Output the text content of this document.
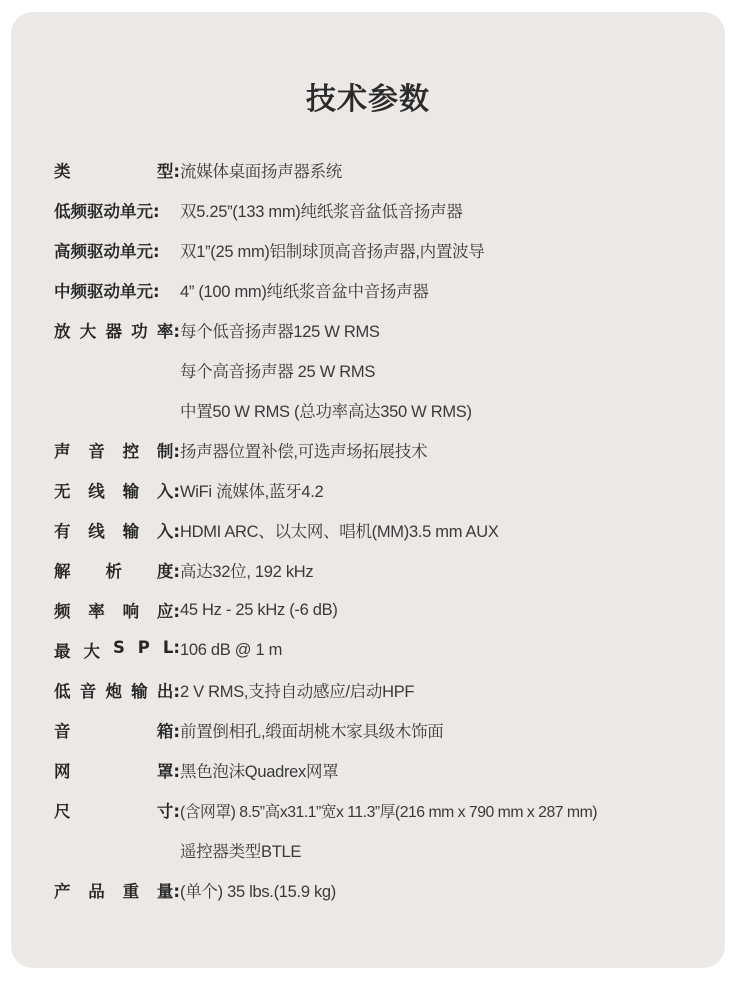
技术参数
类	型: 流媒体桌面扬声器系统
低频驱动单元: 双5.25”(133 mm)纯纸浆音盆低音扬声器
高频驱动单元: 双1”(25 mm)铝制球顶高音扬声器,内置波导
中频驱动单元: 4” (100 mm)纯纸浆音盆中音扬声器
放 大 器 功 率: 每个低音扬声器125 W RMS
每个高音扬声器 25 W RMS
中置50 W RMS (总功率高达350 W RMS)
声 音 控 制: 扬声器位置补偿,可选声场拓展技术
无 线 输 入: WiFi 流媒体,蓝牙4.2
有 线 输 入: HDMI ARC、以太网、唱机(MM)3.5 mm AUX
解 析 度: 高达32位, 192 kHz
频 率 响 应: 45 Hz - 25 kHz (-6 dB)
最 大 S P L: 106 dB @ 1 m
低 音 炮 输 出: 2 V RMS,支持自动感应/启动HPF
音	箱: 前置倒相孔,缎面胡桃木家具级木饰面
网	罩: 黑色泡沫Quadrex网罩
尺	寸: (含网罩) 8.5”高x31.1”宽x 11.3”厚(216 mm x 790 mm x 287 mm)
遥控器类型BTLE
产 品 重 量: (单个) 35 lbs.(15.9 kg)
